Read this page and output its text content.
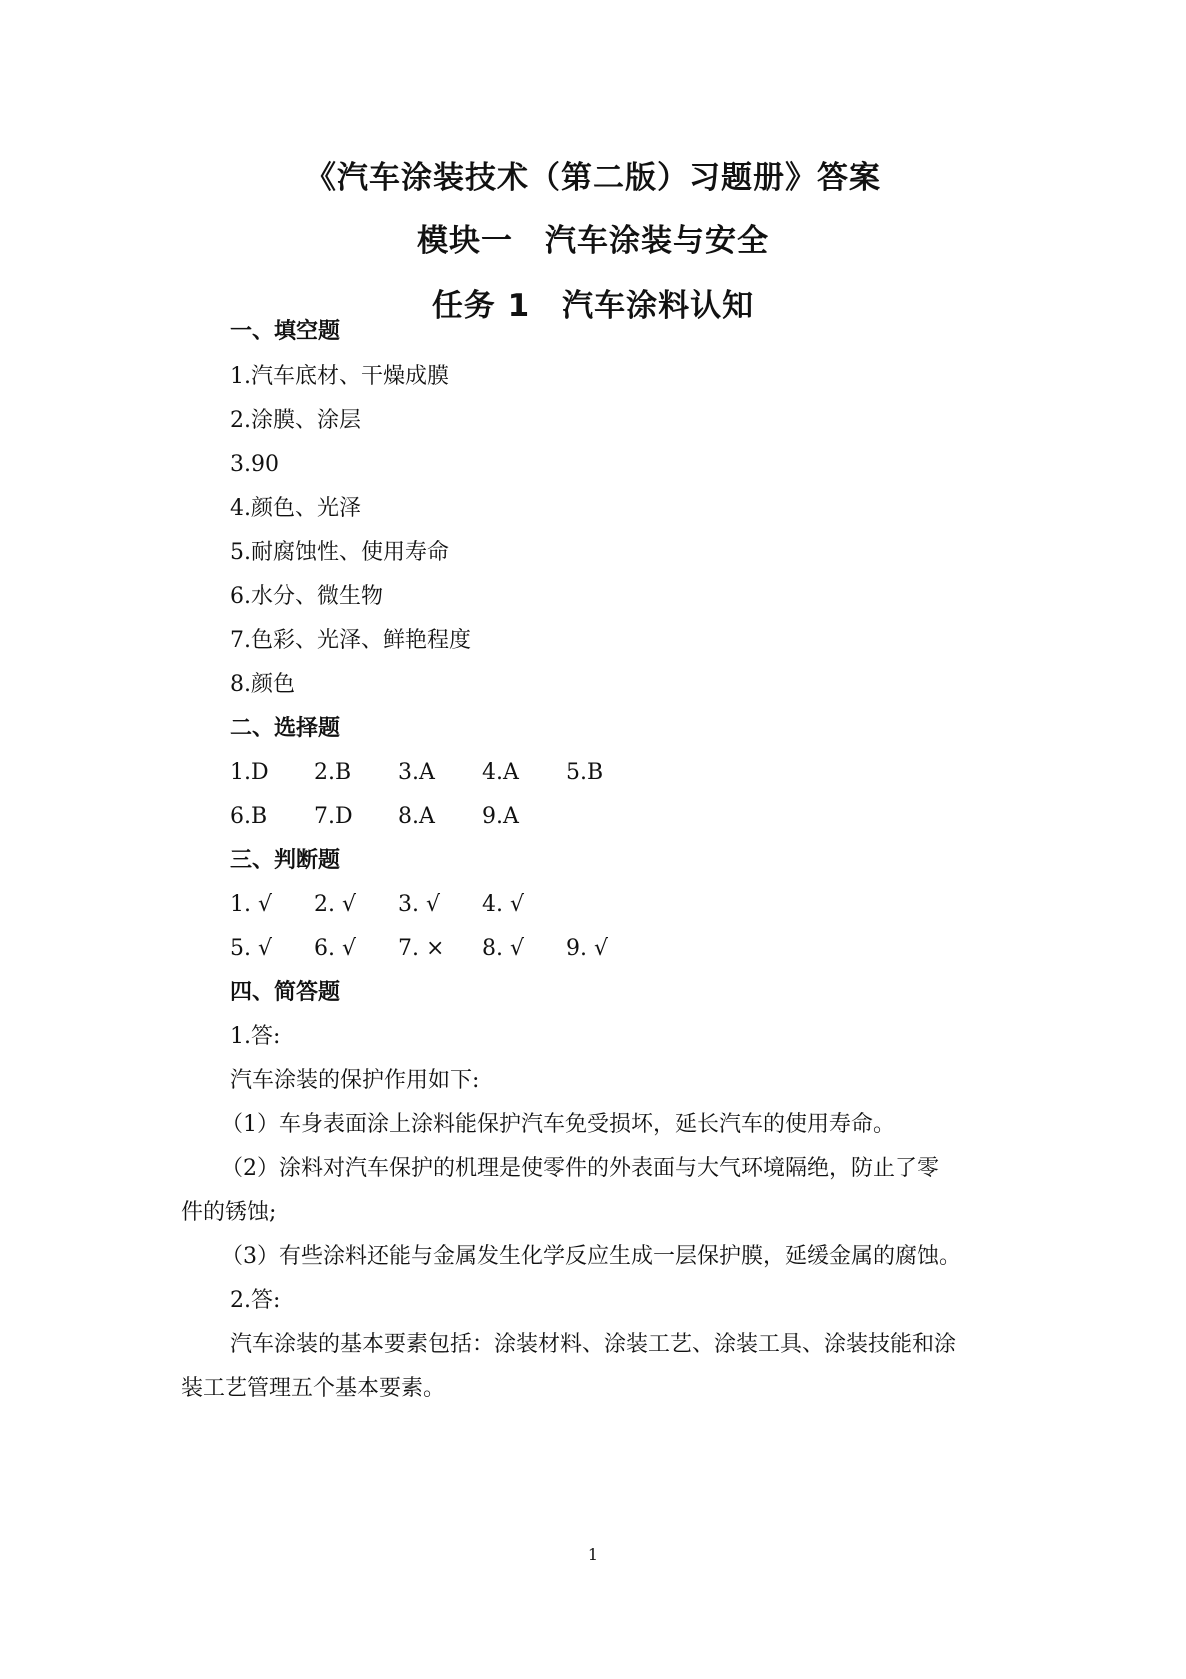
《汽车涂装技术（第二版）习题册》答案
模块一　汽车涂装与安全
任务 1　汽车涂料认知
一、填空题
1.汽车底材、干燥成膜
2.涂膜、涂层
3.90
4.颜色、光泽
5.耐腐蚀性、使用寿命
6.水分、微生物
7.色彩、光泽、鲜艳程度
8.颜色
二、选择题
1.D 2.B 3.A 4.A 5.B
6.B 7.D 8.A 9.A
三、判断题
1. √ 2. √ 3. √ 4. √
5. √ 6. √ 7. × 8. √ 9. √
四、简答题
1.答:
汽车涂装的保护作用如下:
（1）车身表面涂上涂料能保护汽车免受损坏，延长汽车的使用寿命。
（2）涂料对汽车保护的机理是使零件的外表面与大气环境隔绝，防止了零
件的锈蚀;
（3）有些涂料还能与金属发生化学反应生成一层保护膜，延缓金属的腐蚀。
2.答:
汽车涂装的基本要素包括：涂装材料、涂装工艺、涂装工具、涂装技能和涂
装工艺管理五个基本要素。
1
